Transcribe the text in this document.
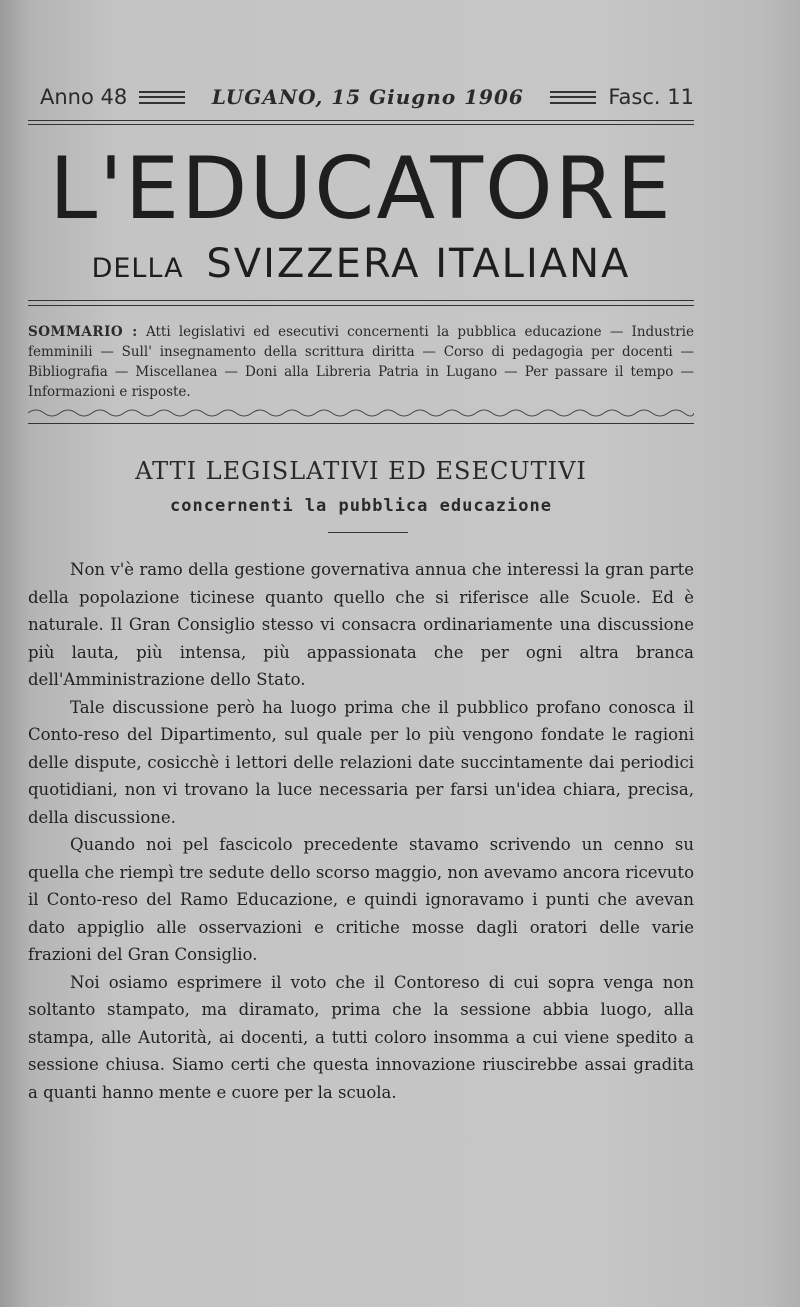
Anno 48	LUGANO, 15 Giugno 1906	Fasc. 11
L'EDUCATORE
DELLA SVIZZERA ITALIANA
SOMMARIO : Atti legislativi ed esecutivi concernenti la pubblica educazione — Industrie femminili — Sull' insegnamento della scrittura diritta — Corso di pedagogia per docenti — Bibliografia — Miscellanea — Doni alla Libreria Patria in Lugano — Per passare il tempo — Informazioni e risposte.
ATTI LEGISLATIVI ED ESECUTIVI
concernenti la pubblica educazione

Non v'è ramo della gestione governativa annua che interessi la gran parte della popolazione ticinese quanto quello che si riferisce alle Scuole. Ed è naturale. Il Gran Consiglio stesso vi consacra ordinariamente una discussione più lauta, più intensa, più appassionata che per ogni altra branca dell'Amministrazione dello Stato.

Tale discussione però ha luogo prima che il pubblico profano conosca il Conto-reso del Dipartimento, sul quale per lo più vengono fondate le ragioni delle dispute, cosicchè i lettori delle relazioni date succintamente dai periodici quotidiani, non vi trovano la luce necessaria per farsi un'idea chiara, precisa, della discussione.

Quando noi pel fascicolo precedente stavamo scrivendo un cenno su quella che riempì tre sedute dello scorso maggio, non avevamo ancora ricevuto il Conto-reso del Ramo Educazione, e quindi ignoravamo i punti che avevan dato appiglio alle osservazioni e critiche mosse dagli oratori delle varie frazioni del Gran Consiglio.

Noi osiamo esprimere il voto che il Contoreso di cui sopra venga non soltanto stampato, ma diramato, prima che la sessione abbia luogo, alla stampa, alle Autorità, ai docenti, a tutti coloro insomma a cui viene spedito a sessione chiusa. Siamo certi che questa innovazione riuscirebbe assai gradita a quanti hanno mente e cuore per la scuola.
